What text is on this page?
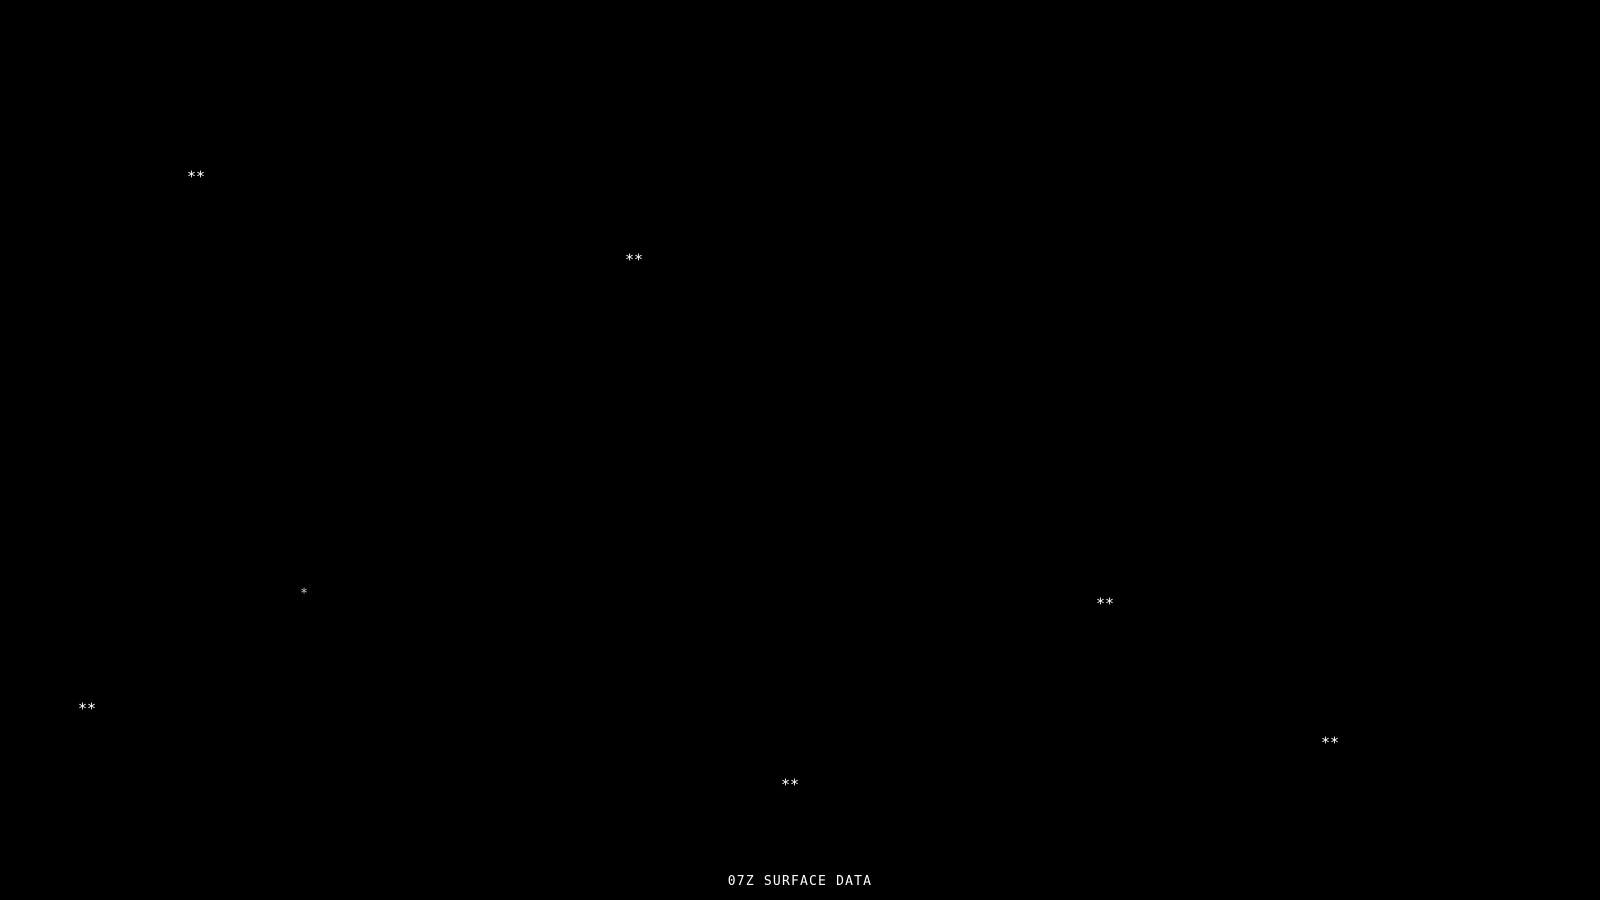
**
**
*
**
**
**
**
07Z SURFACE DATA
